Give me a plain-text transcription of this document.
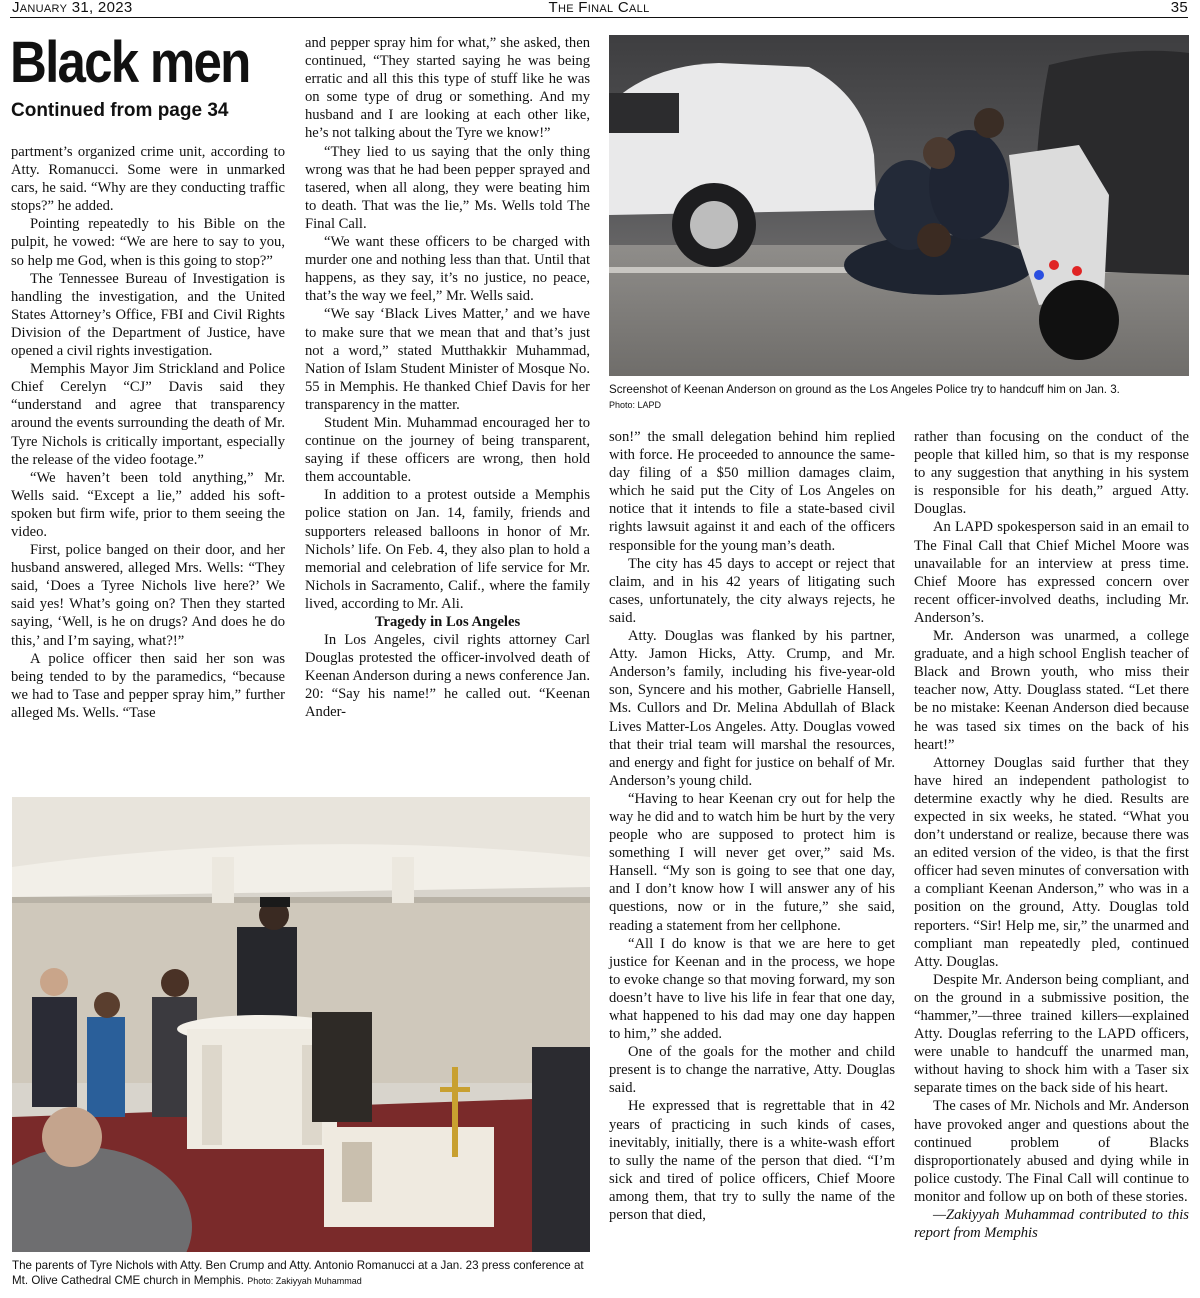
January 31, 2023	The Final Call	35
Black men
Continued from page 34

partment’s organized crime unit, according to Atty. Romanucci. Some were in unmarked cars, he said. “Why are they conducting traffic stops?” he added.

Pointing repeatedly to his Bible on the pulpit, he vowed: “We are here to say to you, so help me God, when is this going to stop?”

The Tennessee Bureau of Investigation is handling the investigation, and the United States Attorney’s Office, FBI and Civil Rights Division of the Department of Justice, have opened a civil rights investigation.

Memphis Mayor Jim Strickland and Police Chief Cerelyn “CJ” Davis said they “understand and agree that transparency around the events surrounding the death of Mr. Tyre Nichols is critically important, especially the release of the video footage.”

“We haven’t been told anything,” Mr. Wells said. “Except a lie,” added his soft-spoken but firm wife, prior to them seeing the video.

First, police banged on their door, and her husband answered, alleged Mrs. Wells: “They said, ‘Does a Tyree Nichols live here?’ We said yes! What’s going on? Then they started saying, ‘Well, is he on drugs? And does he do this,’ and I’m saying, what?!”

A police officer then said her son was being tended to by the paramedics, “because we had to Tase and pepper spray him,” further alleged Ms. Wells. “Tase

and pepper spray him for what,” she asked, then continued, “They started saying he was being erratic and all this this type of stuff like he was on some type of drug or something. And my husband and I are looking at each other like, he’s not talking about the Tyre we know!”

“They lied to us saying that the only thing wrong was that he had been pepper sprayed and tasered, when all along, they were beating him to death. That was the lie,” Ms. Wells told The Final Call.

“We want these officers to be charged with murder one and nothing less than that. Until that happens, as they say, it’s no justice, no peace, that’s the way we feel,” Mr. Wells said.

“We say ‘Black Lives Matter,’ and we have to make sure that we mean that and that’s just not a word,” stated Mutthakkir Muhammad, Nation of Islam Student Minister of Mosque No. 55 in Memphis. He thanked Chief Davis for her transparency in the matter.

Student Min. Muhammad encouraged her to continue on the journey of being transparent, saying if these officers are wrong, then hold them accountable.

In addition to a protest outside a Memphis police station on Jan. 14, family, friends and supporters released balloons in honor of Mr. Nichols’ life. On Feb. 4, they also plan to hold a memorial and celebration of life service for Mr. Nichols in Sacramento, Calif., where the family lived, according to Mr. Ali.

Tragedy in Los Angeles

In Los Angeles, civil rights attorney Carl Douglas protested the officer-involved death of Keenan Anderson during a news conference Jan. 20: “Say his name!” he called out. “Keenan Ander-

Screenshot of Keenan Anderson on ground as the Los Angeles Police try to handcuff him on Jan. 3.
Photo: LAPD

son!” the small delegation behind him replied with force. He proceeded to announce the same-day filing of a $50 million damages claim, which he said put the City of Los Angeles on notice that it intends to file a state-based civil rights lawsuit against it and each of the officers responsible for the young man’s death.

The city has 45 days to accept or reject that claim, and in his 42 years of litigating such cases, unfortunately, the city always rejects, he said.

Atty. Douglas was flanked by his partner, Atty. Jamon Hicks, Atty. Crump, and Mr. Anderson’s family, including his five-year-old son, Syncere and his mother, Gabrielle Hansell, Ms. Cullors and Dr. Melina Abdullah of Black Lives Matter-Los Angeles. Atty. Douglas vowed that their trial team will marshal the resources, and energy and fight for justice on behalf of Mr. Anderson’s young child.

“Having to hear Keenan cry out for help the way he did and to watch him be hurt by the very people who are supposed to protect him is something I will never get over,” said Ms. Hansell. “My son is going to see that one day, and I don’t know how I will answer any of his questions, now or in the future,” she said, reading a statement from her cellphone.

“All I do know is that we are here to get justice for Keenan and in the process, we hope to evoke change so that moving forward, my son doesn’t have to live his life in fear that one day, what happened to his dad may one day happen to him,” she added.

One of the goals for the mother and child present is to change the narrative, Atty. Douglas said.

He expressed that is regrettable that in 42 years of practicing in such kinds of cases, inevitably, initially, there is a white-wash effort to sully the name of the person that died. “I’m sick and tired of police officers, Chief Moore among them, that try to sully the name of the person that died,

rather than focusing on the conduct of the people that killed him, so that is my response to any suggestion that anything in his system is responsible for his death,” argued Atty. Douglas.

An LAPD spokesperson said in an email to The Final Call that Chief Michel Moore was unavailable for an interview at press time. Chief Moore has expressed concern over recent officer-involved deaths, including Mr. Anderson’s.

Mr. Anderson was unarmed, a college graduate, and a high school English teacher of Black and Brown youth, who miss their teacher now, Atty. Douglass stated. “Let there be no mistake: Keenan Anderson died because he was tased six times on the back of his heart!”

Attorney Douglas said further that they have hired an independent pathologist to determine exactly why he died. Results are expected in six weeks, he stated. “What you don’t understand or realize, because there was an edited version of the video, is that the first officer had seven minutes of conversation with a compliant Keenan Anderson,” who was in a position on the ground, Atty. Douglas told reporters. “Sir! Help me, sir,” the unarmed and compliant man repeatedly pled, continued Atty. Douglas.

Despite Mr. Anderson being compliant, and on the ground in a submissive position, the “hammer,”—three trained killers—explained Atty. Douglas referring to the LAPD officers, were unable to handcuff the unarmed man, without having to shock him with a Taser six separate times on the back side of his heart.

The cases of Mr. Nichols and Mr. Anderson have provoked anger and questions about the continued problem of Blacks disproportionately abused and dying while in police custody. The Final Call will continue to monitor and follow up on both of these stories.

—Zakiyyah Muhammad contributed to this report from Memphis

The parents of Tyre Nichols with Atty. Ben Crump and Atty. Antonio Romanucci at a Jan. 23 press conference at Mt. Olive Cathedral CME church in Memphis. Photo: Zakiyyah Muhammad
